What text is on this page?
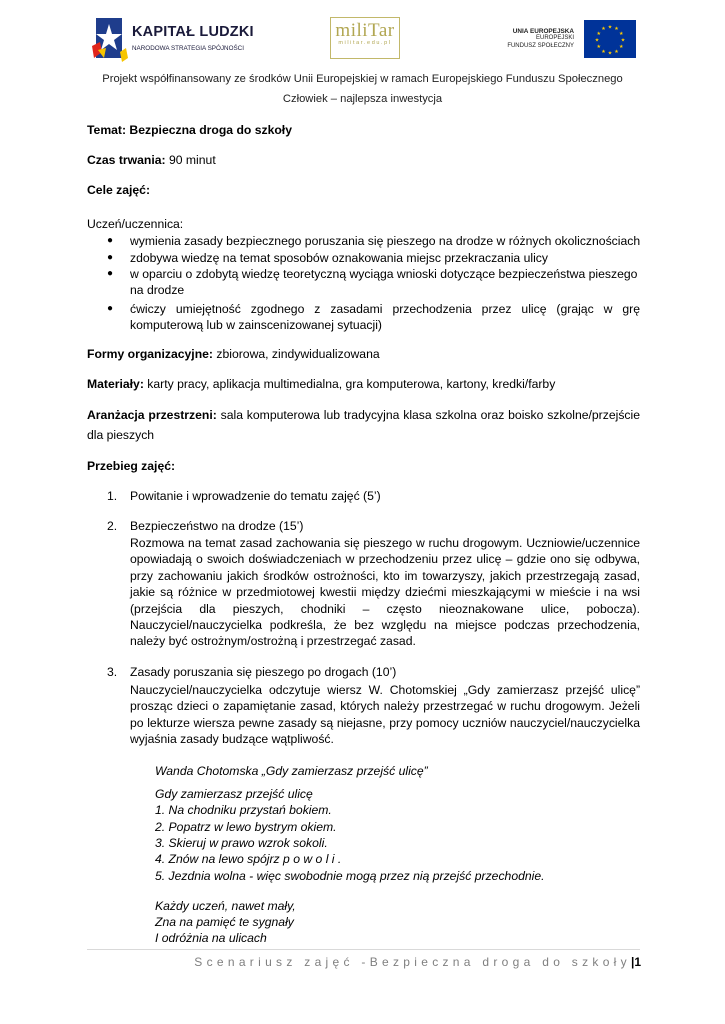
KAPITAŁ LUDZKI
NARODOWA STRATEGIA SPÓJNOŚCI
miliTar
militar.edu.pl
UNIA EUROPEJSKA
EUROPEJSKI
FUNDUSZ SPOŁECZNY
★ ★
★
★
★
★
★
★
★
★
★
★
Projekt współfinansowany ze środków Unii Europejskiej w ramach Europejskiego Funduszu Społecznego
Człowiek – najlepsza inwestycja
Temat: Bezpieczna droga do szkoły
Czas trwania: 90 minut
Cele zajęć:
Uczeń/uczennica:
● wymienia zasady bezpiecznego poruszania się pieszego na drodze w różnych okolicznościach
● zdobywa wiedzę na temat sposobów oznakowania miejsc przekraczania ulicy
● w oparciu o zdobytą wiedzę teoretyczną wyciąga wnioski dotyczące bezpieczeństwa pieszego
na drodze
● ćwiczy umiejętność zgodnego z zasadami przechodzenia przez ulicę (grając w grę
komputerową lub w zainscenizowanej sytuacji)
Formy organizacyjne: zbiorowa, zindywidualizowana
Materiały: karty pracy, aplikacja multimedialna, gra komputerowa, kartony, kredki/farby
Aranżacja przestrzeni: sala komputerowa lub tradycyjna klasa szkolna oraz boisko szkolne/przejście dla pieszych
Przebieg zajęć:
1. Powitanie i wprowadzenie do tematu zajęć (5’)
2. Bezpieczeństwo na drodze (15’)
Rozmowa na temat zasad zachowania się pieszego w ruchu drogowym. Uczniowie/uczennice opowiadają o swoich doświadczeniach w przechodzeniu przez ulicę – gdzie ono się odbywa, przy zachowaniu jakich środków ostrożności, kto im towarzyszy, jakich przestrzegają zasad, jakie są różnice w przedmiotowej kwestii między dziećmi mieszkającymi w mieście i na wsi (przejścia dla pieszych, chodniki – często nieoznakowane ulice, pobocza). Nauczyciel/nauczycielka podkreśla, że bez względu na miejsce podczas przechodzenia, należy być ostrożnym/ostrożną i przestrzegać zasad.
3. Zasady poruszania się pieszego po drogach (10’)
Nauczyciel/nauczycielka odczytuje wiersz W. Chotomskiej „Gdy zamierzasz przejść ulicę” prosząc dzieci o zapamiętanie zasad, których należy przestrzegać w ruchu drogowym. Jeżeli po lekturze wiersza pewne zasady są niejasne, przy pomocy uczniów nauczyciel/nauczycielka wyjaśnia zasady budzące wątpliwość.
Wanda Chotomska „Gdy zamierzasz przejść ulicę”
Gdy zamierzasz przejść ulicę
1. Na chodniku przystań bokiem.
2. Popatrz w lewo bystrym okiem.
3. Skieruj w prawo wzrok sokoli.
4. Znów na lewo spójrz p o w o l i .
5. Jezdnia wolna - więc swobodnie mogą przez nią przejść przechodnie.
Każdy uczeń, nawet mały,
Zna na pamięć te sygnały
I odróżnia na ulicach
Scenariusz zajęć -Bezpieczna droga do szkoły|1
